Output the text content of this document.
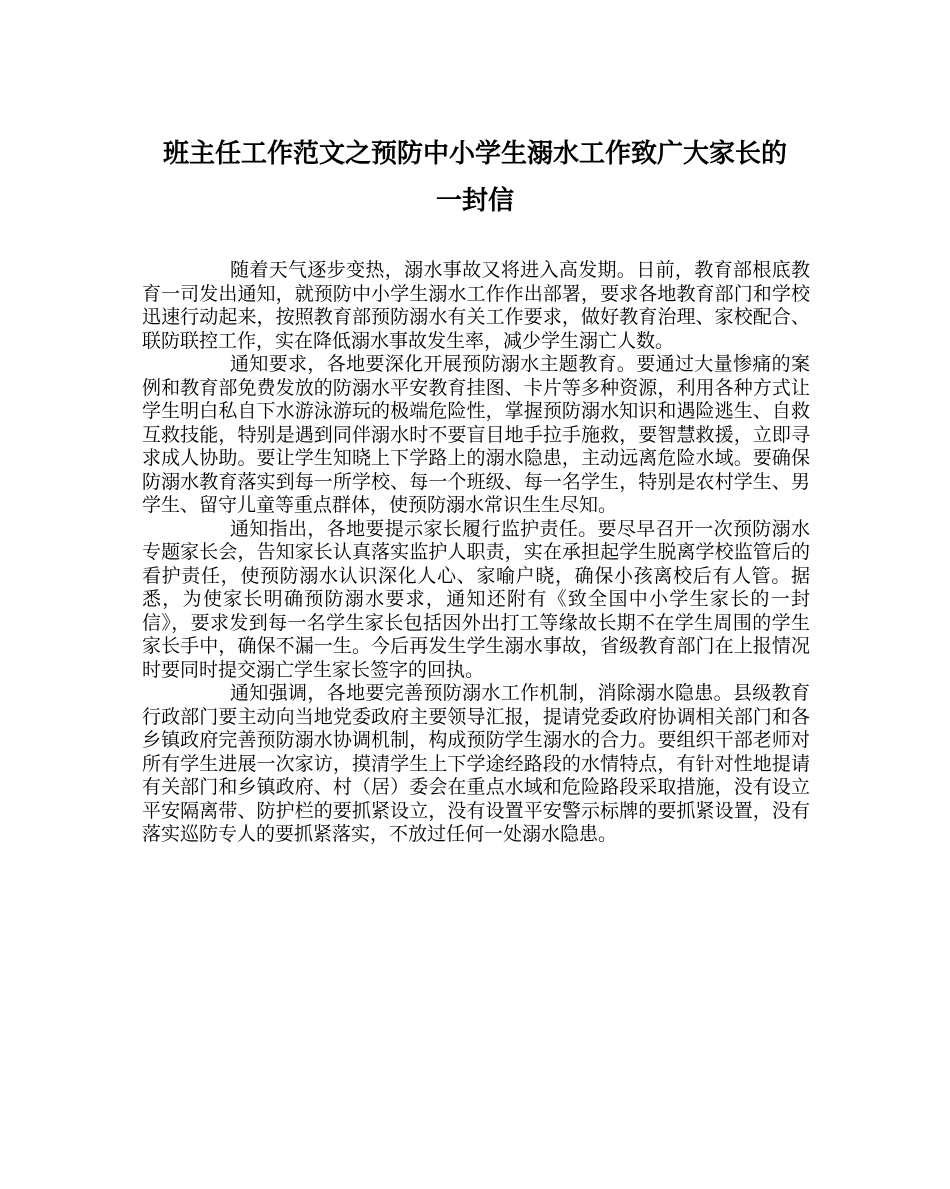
班主任工作范文之预防中小学生溺水工作致广大家长的
一封信

随着天气逐步变热，溺水事故又将进入高发期。日前，教育部根底教育一司发出通知，就预防中小学生溺水工作作出部署，要求各地教育部门和学校迅速行动起来，按照教育部预防溺水有关工作要求，做好教育治理、家校配合、联防联控工作，实在降低溺水事故发生率，减少学生溺亡人数。

通知要求，各地要深化开展预防溺水主题教育。要通过大量惨痛的案例和教育部免费发放的防溺水平安教育挂图、卡片等多种资源，利用各种方式让学生明白私自下水游泳游玩的极端危险性，掌握预防溺水知识和遇险逃生、自救互救技能，特别是遇到同伴溺水时不要盲目地手拉手施救，要智慧救援，立即寻求成人协助。要让学生知晓上下学路上的溺水隐患，主动远离危险水域。要确保防溺水教育落实到每一所学校、每一个班级、每一名学生，特别是农村学生、男学生、留守儿童等重点群体，使预防溺水常识生生尽知。

通知指出，各地要提示家长履行监护责任。要尽早召开一次预防溺水专题家长会，告知家长认真落实监护人职责，实在承担起学生脱离学校监管后的看护责任，使预防溺水认识深化人心、家喻户晓，确保小孩离校后有人管。据悉，为使家长明确预防溺水要求，通知还附有《致全国中小学生家长的一封信》，要求发到每一名学生家长包括因外出打工等缘故长期不在学生周围的学生家长手中，确保不漏一生。今后再发生学生溺水事故，省级教育部门在上报情况时要同时提交溺亡学生家长签字的回执。

通知强调，各地要完善预防溺水工作机制，消除溺水隐患。县级教育行政部门要主动向当地党委政府主要领导汇报，提请党委政府协调相关部门和各乡镇政府完善预防溺水协调机制，构成预防学生溺水的合力。要组织干部老师对所有学生进展一次家访，摸清学生上下学途经路段的水情特点，有针对性地提请有关部门和乡镇政府、村（居）委会在重点水域和危险路段采取措施，没有设立平安隔离带、防护栏的要抓紧设立，没有设置平安警示标牌的要抓紧设置，没有落实巡防专人的要抓紧落实，不放过任何一处溺水隐患。
